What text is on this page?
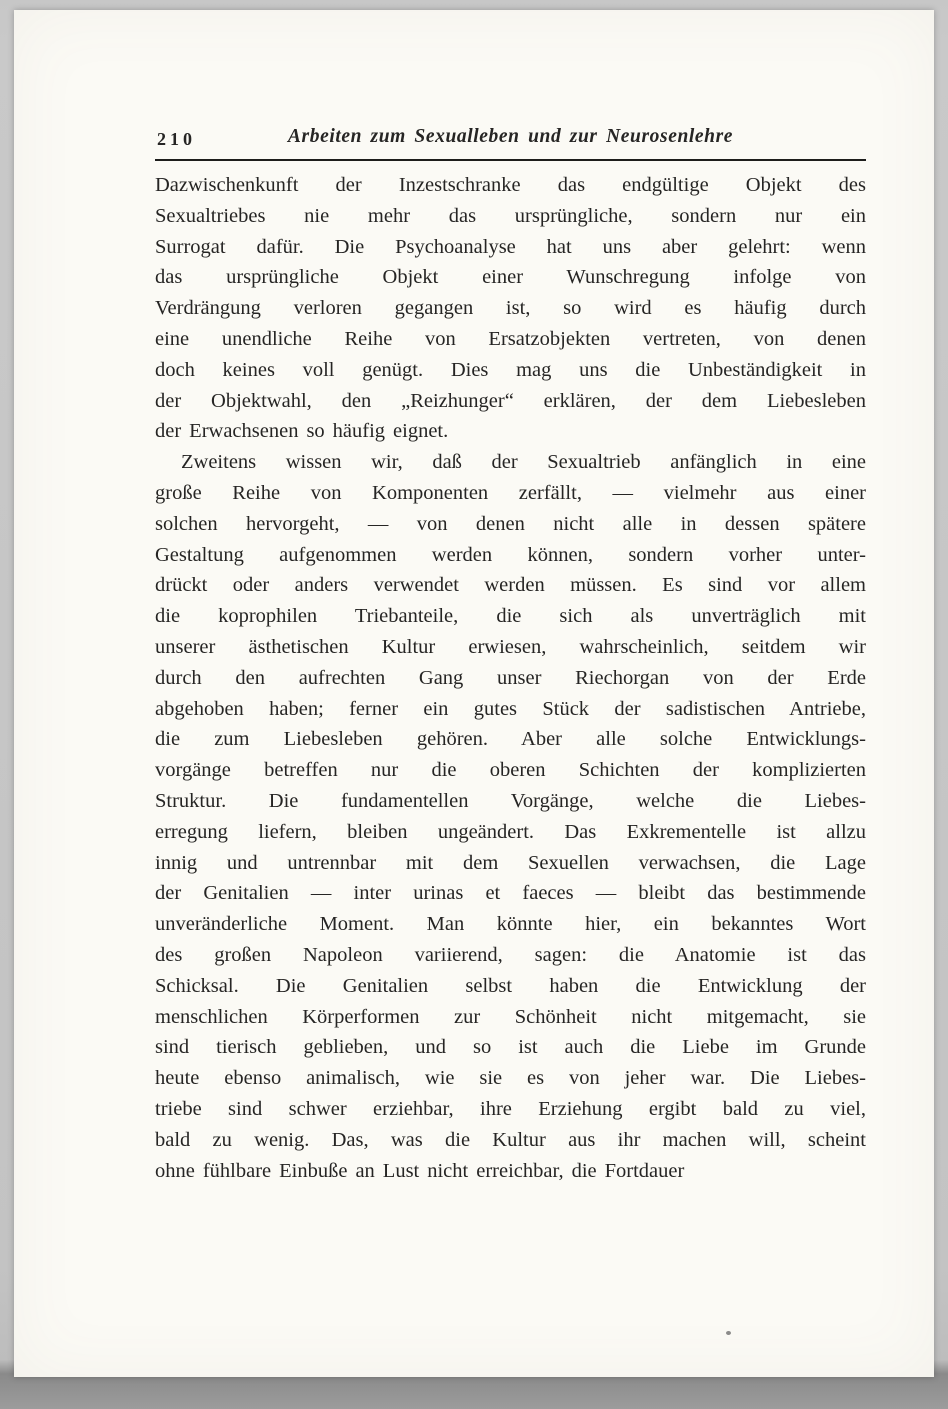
210	Arbeiten zum Sexualleben und zur Neurosenlehre

Dazwischenkunft der Inzestschranke das endgültige Objekt des
Sexualtriebes nie mehr das ursprüngliche, sondern nur ein
Surrogat dafür. Die Psychoanalyse hat uns aber gelehrt: wenn
das ursprüngliche Objekt einer Wunschregung infolge von
Verdrängung verloren gegangen ist, so wird es häufig durch
eine unendliche Reihe von Ersatzobjekten vertreten, von denen
doch keines voll genügt. Dies mag uns die Unbeständigkeit in
der Objektwahl, den „Reizhunger“ erklären, der dem Liebesleben
der Erwachsenen so häufig eignet.

Zweitens wissen wir, daß der Sexualtrieb anfänglich in eine
große Reihe von Komponenten zerfällt, — vielmehr aus einer
solchen hervorgeht, — von denen nicht alle in dessen spätere
Gestaltung aufgenommen werden können, sondern vorher unter-
drückt oder anders verwendet werden müssen. Es sind vor allem
die koprophilen Triebanteile, die sich als unverträglich mit
unserer ästhetischen Kultur erwiesen, wahrscheinlich, seitdem wir
durch den aufrechten Gang unser Riechorgan von der Erde
abgehoben haben; ferner ein gutes Stück der sadistischen Antriebe,
die zum Liebesleben gehören. Aber alle solche Entwicklungs-
vorgänge betreffen nur die oberen Schichten der komplizierten
Struktur. Die fundamentellen Vorgänge, welche die Liebes-
erregung liefern, bleiben ungeändert. Das Exkrementelle ist allzu
innig und untrennbar mit dem Sexuellen verwachsen, die Lage
der Genitalien — inter urinas et faeces — bleibt das bestimmende
unveränderliche Moment. Man könnte hier, ein bekanntes Wort
des großen Napoleon variierend, sagen: die Anatomie ist das
Schicksal. Die Genitalien selbst haben die Entwicklung der
menschlichen Körperformen zur Schönheit nicht mitgemacht, sie
sind tierisch geblieben, und so ist auch die Liebe im Grunde
heute ebenso animalisch, wie sie es von jeher war. Die Liebes-
triebe sind schwer erziehbar, ihre Erziehung ergibt bald zu viel,
bald zu wenig. Das, was die Kultur aus ihr machen will, scheint
ohne fühlbare Einbuße an Lust nicht erreichbar, die Fortdauer
